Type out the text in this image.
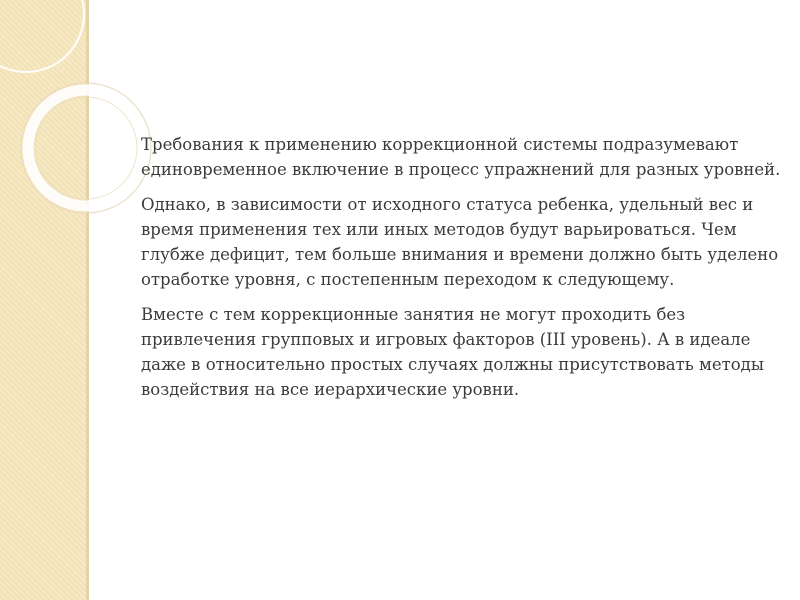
Требования к применению коррекционной системы подразумевают единовременное включение в процесс упражнений для разных уровней.

Однако, в зависимости от исходного статуса ребенка, удельный вес и время применения тех или иных методов будут варьироваться. Чем глубже дефицит, тем больше внимания и времени должно быть уделено отработке уровня, с постепенным переходом к следующему.

Вместе с тем коррекционные занятия не могут проходить без привлечения групповых и игровых факторов (III уровень). А в идеале даже в относительно простых случаях должны присутствовать методы воздействия на все иерархические уровни.
